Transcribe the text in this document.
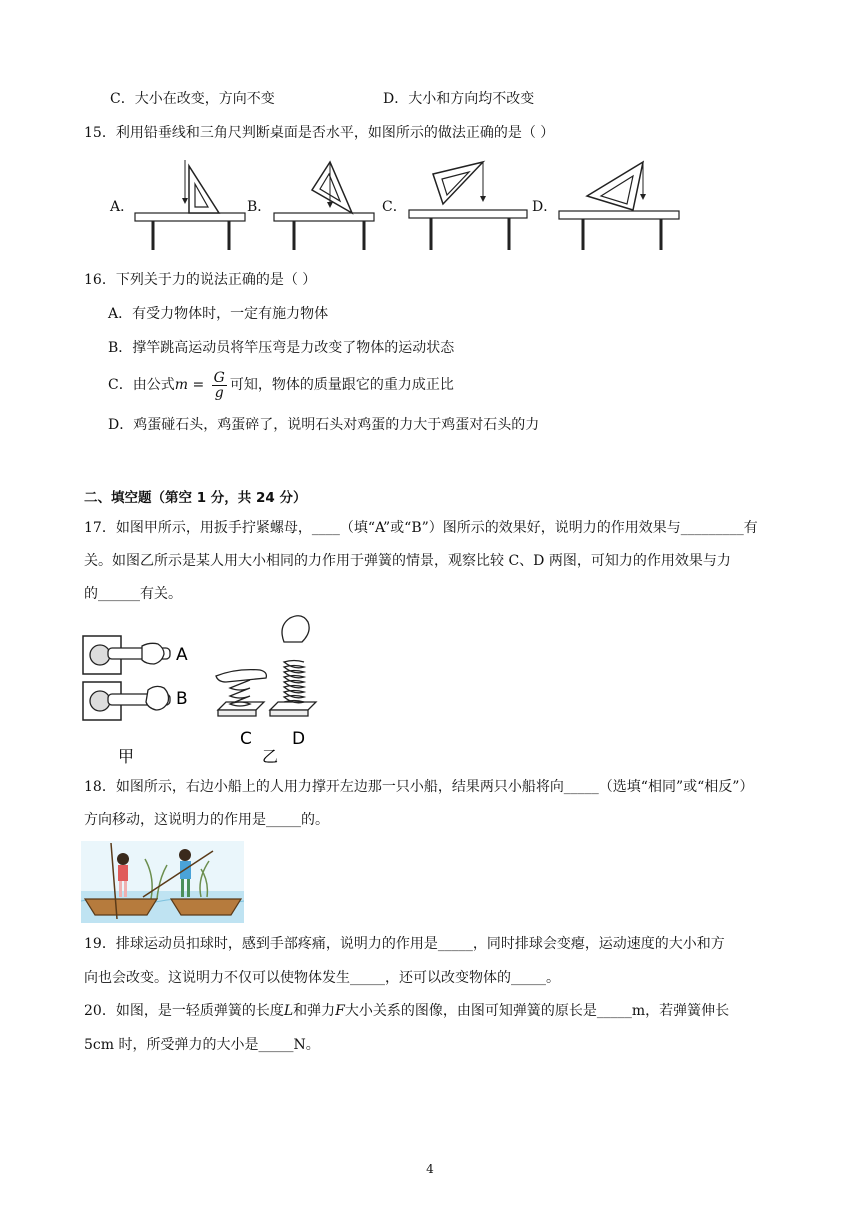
C．大小在改变，方向不变	D．大小和方向均不改变
15．利用铅垂线和三角尺判断桌面是否水平，如图所示的做法正确的是（ ）
A．	B．	C．	D．
16．下列关于力的说法正确的是（ ）
A．有受力物体时，一定有施力物体
B．撑竿跳高运动员将竿压弯是力改变了物体的运动状态
C．由公式$m = \frac{G}{g}$ 可知，物体的质量跟它的重力成正比
D．鸡蛋碰石头，鸡蛋碎了，说明石头对鸡蛋的力大于鸡蛋对石头的力
二、填空题（第空 1 分，共 24 分）
17．如图甲所示，用扳手拧紧螺母，____（填“A”或“B”）图所示的效果好，说明力的作用效果与_________有
关。如图乙所示是某人用大小相同的力作用于弹簧的情景，观察比较 C、D 两图，可知力的作用效果与力
的______有关。
A
B
甲
C D
乙
18．如图所示，右边小船上的人用力撑开左边那一只小船，结果两只小船将向_____（选填“相同”或“相反”）
方向移动，这说明力的作用是_____的。
19．排球运动员扣球时，感到手部疼痛，说明力的作用是_____，同时排球会变瘪，运动速度的大小和方
向也会改变。这说明力不仅可以使物体发生_____，还可以改变物体的_____。
20．如图，是一轻质弹簧的长度L和弹力F大小关系的图像，由图可知弹簧的原长是_____m，若弹簧伸长
5cm 时，所受弹力的大小是_____N。
4
